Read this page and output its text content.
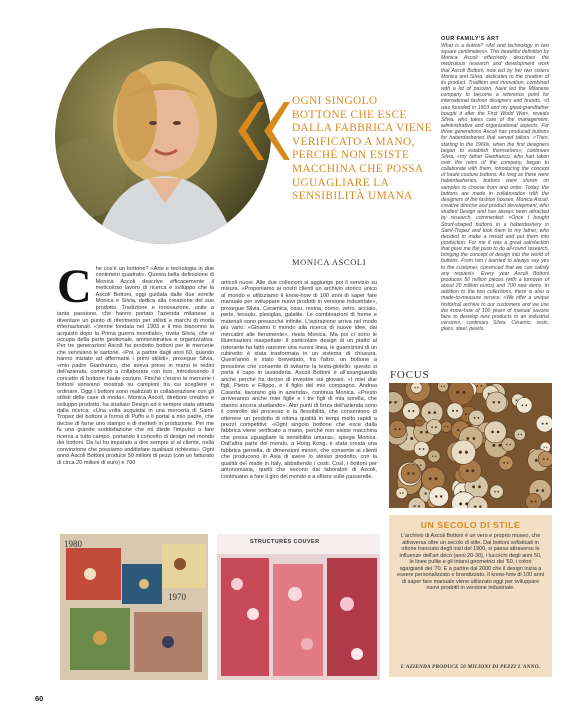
OGNI SINGOLO BOTTONE CHE ESCE DALLA FABBRICA VIENE VERIFICATO A MANO, PERCHÉ NON ESISTE MACCHINA CHE POSSA UGUAGLIARE LA SENSIBILITÀ UMANA
MONICA ASCOLI
OUR FAMILY'S ART
What is a button? «Art and technology in two square centimeters». This beautiful definition by Monica Ascoli effectively describes the meticulous research and development work that Ascoli Bottoni, now led by her two sisters Monica and Silvia, dedicates to the creation of its product. Tradition and innovation, combined with a lot of passion, have led the Milanese company to become a reference point for international fashion designers and brands. «It was founded in 1903 and my great-grandfather bought it after the First World War», reveals Silvia, who takes care of the management, administrative and organizational aspects. For three generations Ascoli has produced buttons for haberdasheries that served tailors. «Then, starting in the 1960s, when the first designers began to establish themselves», continues Silvia, «my father Gianfranco, who had taken over the reins of the company, began to collaborate with them, introducing the concept of haute couture buttons. As long as there were haberdasheries, buttons were shown on samples to choose from and order. Today, the buttons are made in collaboration with the designers of the fashion houses. Monica Ascoli, creative director and product development, who studied Design and has always been attracted by research, commented: «Once I bought Strurf-shaped buttons in a haberdashery in Saint-Tropez and took them to my father, who decided to make a mould and put them into production. For me it was a great satisfaction that gave me the push to do all-round research, bringing the concept of design into the world of buttons. From him I learned to always say yes to the customer, convinced that we can satisfy any request». Every year Ascoli Bottoni produces 50 million pieces (with a turnover of about 20 million euros) and 700 new items. In addition to the two collections, there is also a made-to-measure service. «We offer a unique historical archive to our customers and we use the know-how of 100 years of manual savoire faire to develop new products in an industrial version», continues Silvia. Ceramic, resin, glass, steel, pearls,
C he cos'è un bottone? «Arte e tecnologia in due centimetri quadrati». Questa bella definizione di Monica Ascoli descrive efficacemente il meticoloso lavoro di ricerca e sviluppo che la Ascoli Bottoni, oggi guidata dalle due sorelle Monica e Silvia, dedica alla creazione del suo prodotto. Tradizione e innovazione, unite a tanta passione, che hanno portato l'azienda milanese a diventare un punto di riferimento per stilisti e marchi di moda internazionali. «Venne fondata nel 1903 e il mio bisnonno la acquistò dopo la Prima guerra mondiale», rivela Silvia, che si occupa della parte gestionale, amministrativa e organizzativa. Per tre generazioni Ascoli ha prodotto bottoni per le mercerie che servivano le sartorie. «Poi, a partire dagli anni 60, quando hanno iniziato ad affermarsi i primi stilisti», prosegue Silvia, «mio padre Gianfranco, che aveva preso in mano le redini dell'azienda, cominciò a collaborare con loro, introducendo il concetto di bottone haute couture. Finché c'erano le mercerie i bottoni venivano mostrati su campioni tra cui scegliere e ordinare. Oggi i bottoni sono realizzati in collaborazione con gli stilisti delle case di moda». Monica Ascoli, direttore creativo e sviluppo prodotto, ha studiato Design ed è sempre stata attratta dalla ricerca: «Una volta acquistai in una merceria di Saint-Tropez dei bottoni a forma di Puffo e li portai a mio padre, che decise di farne uno stampo e di metterli in produzione. Per me fu una grande soddisfazione che mi diede l'impulso a fare ricerca a tutto campo, portando il concetto di design nel mondo dei bottoni. Da lui ho imparato a dire sempre sì al cliente, nella convinzione che possiamo soddisfare qualsiasi richiesta». Ogni anno Ascoli Bottoni produce 50 milioni di pezzi (con un fatturato di circa 20 milioni di euro) e 700
articoli nuovi. Alle due collezioni si aggiunge poi il servizio su misura. «Proponiamo ai nostri clienti un archivio storico unico al mondo e utilizziamo il know-how di 100 anni di saper fare manuale per sviluppare nuovi prodotti in versione industriale», prosegue Silvia. Ceramica, osso, resina, corno, vetro, acciaio, perle, tessuto, plexiglas, galalite. Le combinazioni di forme e materiali sono pressoché infinite. L'ispirazione arriva nel modo più vario: «Giriamo il mondo alla ricerca di nuove idee, dai mercatini alle fieramente», rivela Monica. Ma poi ci sono le illuminazioni inaspettate: il particolare design di un piatto al ristorante ha fatto nascere una nuova linea, le guarnizioni di un rubinetto è stata trasformata in un sistema di chiusura. Quest'anno è stato brevettato, fra l'altro, un bottone a pressione che consente di svitarne la testa-gioiello: questo si porta il capo in lavanderia. Ascoli Bottoni è all'avanguardia anche perché ha deciso di investire sui giovani. «I miei due figli, Pietro e Filippo, e il figlio del mio compagno, Andrea Caserta, lavorano già in azienda», continua Monica. «Presto arriveranno anche miei figlie e i tre figli di mia sorella, che stanno ancora studiando». Altri punti di forza dell'azienda sono il controllo del processo e la flessibilità, che consentono di ottenere un prodotto di ottima qualità in tempi molto rapidi a prezzi competitivi: «Ogni singolo bottone che esce dalla fabbrica viene verificato a mano, perché non esiste macchina che possa uguagliare la sensibilità umana», spiega Monica. Dall'altra parte del mondo, a Hong Kong, è stata creata una fabbrica gemella, di dimensioni minori, che consente ai clienti che producono in Asia di avere lo stesso prodotto, con la qualità del made in Italy, abbattendo i costi. Così, i bottoni per antonomasia, quelli che escono dai laboratori di Ascoli, continuano a fare il giro del mondo e a sfilare sulle passerelle.
FOCUS
1980
1970
STRUCTURES COUVER
UN SECOLO DI STILE
L'archivio di Ascoli Bottoni è un vero e proprio museo, che attraversa oltre un secolo di stile. Dai bottoni sofisticati in ottone tranciato degli inizi del 1900, si passa attraverso le influenze dell'art déco (anni 20-30), i lucciichi degli anni 50, le linee pulite e gli intarsi geometrici dei '60, i colori sgargianti dei '70. E a partire dal 2000 che il design inizia a essere personalizzato e brandizzato. Il know-how di 100 anni di saper fare manuale viene utilizzato oggi per sviluppare nuovi prodotti in versione industriale.
L'AZIENDA PRODUCE 50 MILIONI DI PEZZI L'ANNO.
60
